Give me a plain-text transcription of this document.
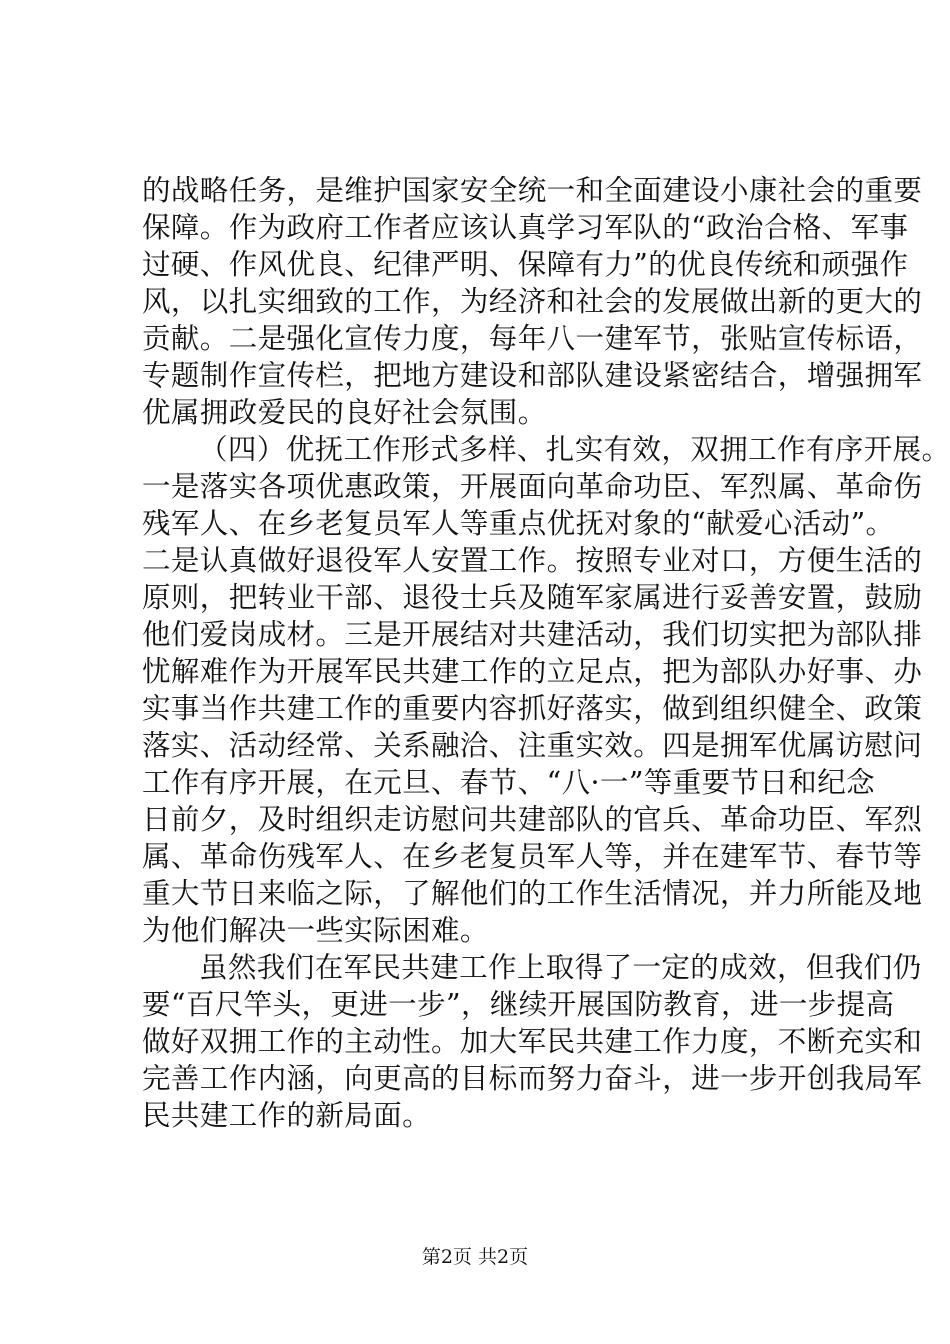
的战略任务，是维护国家安全统一和全面建设小康社会的重要
保障。作为政府工作者应该认真学习军队的“政治合格、军事
过硬、作风优良、纪律严明、保障有力”的优良传统和顽强作
风，以扎实细致的工作，为经济和社会的发展做出新的更大的
贡献。二是强化宣传力度，每年八一建军节，张贴宣传标语，
专题制作宣传栏，把地方建设和部队建设紧密结合，增强拥军
优属拥政爱民的良好社会氛围。
（四）优抚工作形式多样、扎实有效，双拥工作有序开展。
一是落实各项优惠政策，开展面向革命功臣、军烈属、革命伤
残军人、在乡老复员军人等重点优抚对象的“献爱心活动”。
二是认真做好退役军人安置工作。按照专业对口，方便生活的
原则，把转业干部、退役士兵及随军家属进行妥善安置，鼓励
他们爱岗成材。三是开展结对共建活动，我们切实把为部队排
忧解难作为开展军民共建工作的立足点，把为部队办好事、办
实事当作共建工作的重要内容抓好落实，做到组织健全、政策
落实、活动经常、关系融洽、注重实效。四是拥军优属访慰问
工作有序开展，在元旦、春节、“八·一”等重要节日和纪念
日前夕，及时组织走访慰问共建部队的官兵、革命功臣、军烈
属、革命伤残军人、在乡老复员军人等，并在建军节、春节等
重大节日来临之际，了解他们的工作生活情况，并力所能及地
为他们解决一些实际困难。
虽然我们在军民共建工作上取得了一定的成效，但我们仍
要“百尺竿头，更进一步”，继续开展国防教育，进一步提高
做好双拥工作的主动性。加大军民共建工作力度，不断充实和
完善工作内涵，向更高的目标而努力奋斗，进一步开创我局军
民共建工作的新局面。
第2页 共2页
